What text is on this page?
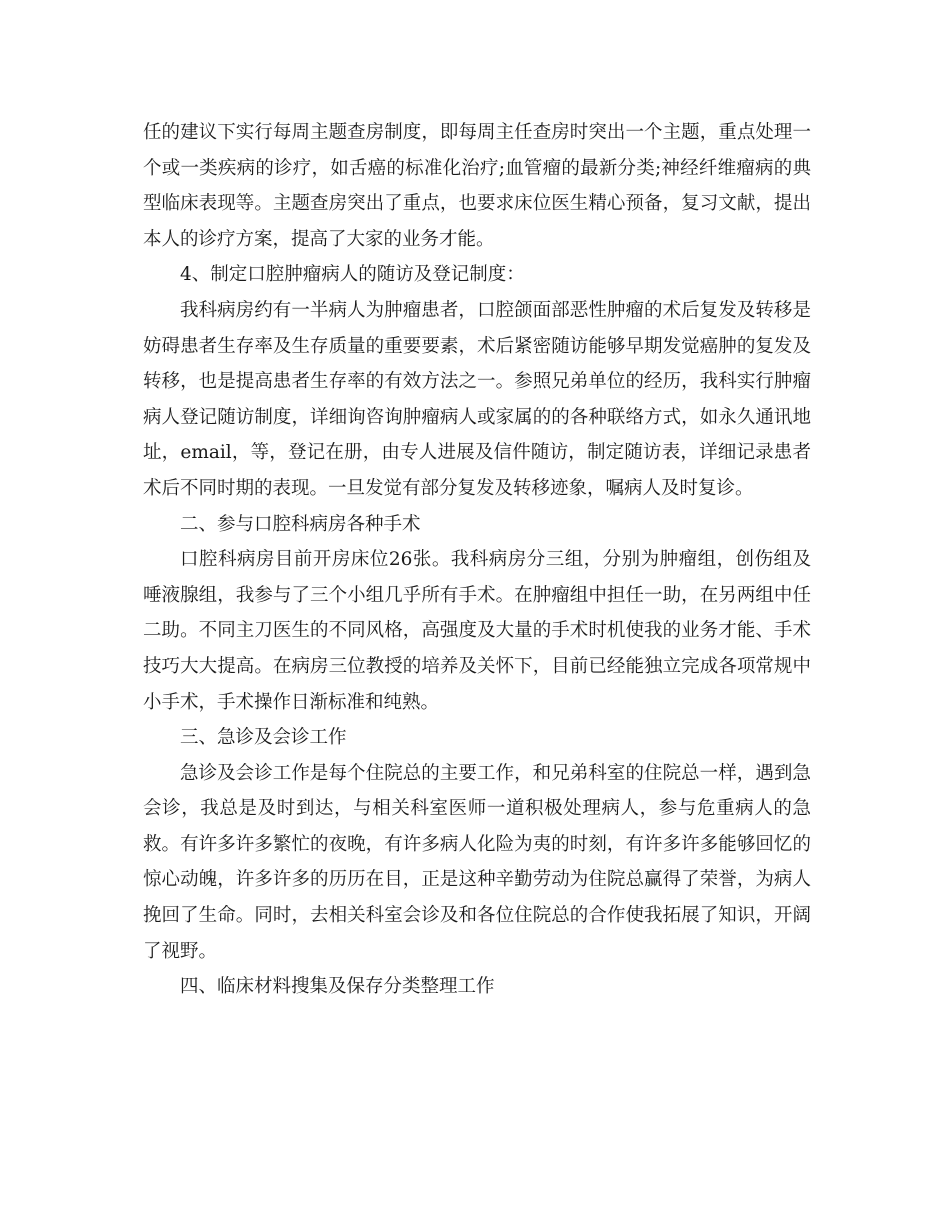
任的建议下实行每周主题查房制度，即每周主任查房时突出一个主题，重点处理一个或一类疾病的诊疗，如舌癌的标准化治疗;血管瘤的最新分类;神经纤维瘤病的典型临床表现等。主题查房突出了重点，也要求床位医生精心预备，复习文献，提出本人的诊疗方案，提高了大家的业务才能。

4、制定口腔肿瘤病人的随访及登记制度：

我科病房约有一半病人为肿瘤患者，口腔颌面部恶性肿瘤的术后复发及转移是妨碍患者生存率及生存质量的重要要素，术后紧密随访能够早期发觉癌肿的复发及转移，也是提高患者生存率的有效方法之一。参照兄弟单位的经历，我科实行肿瘤病人登记随访制度，详细询咨询肿瘤病人或家属的的各种联络方式，如永久通讯地址，email，等，登记在册，由专人进展及信件随访，制定随访表，详细记录患者术后不同时期的表现。一旦发觉有部分复发及转移迹象，嘱病人及时复诊。

二、参与口腔科病房各种手术

口腔科病房目前开房床位26张。我科病房分三组，分别为肿瘤组，创伤组及唾液腺组，我参与了三个小组几乎所有手术。在肿瘤组中担任一助，在另两组中任二助。不同主刀医生的不同风格，高强度及大量的手术时机使我的业务才能、手术技巧大大提高。在病房三位教授的培养及关怀下，目前已经能独立完成各项常规中小手术，手术操作日渐标准和纯熟。

三、急诊及会诊工作

急诊及会诊工作是每个住院总的主要工作，和兄弟科室的住院总一样，遇到急会诊，我总是及时到达，与相关科室医师一道积极处理病人，参与危重病人的急救。有许多许多繁忙的夜晚，有许多病人化险为夷的时刻，有许多许多能够回忆的惊心动魄，许多许多的历历在目，正是这种辛勤劳动为住院总赢得了荣誉，为病人挽回了生命。同时，去相关科室会诊及和各位住院总的合作使我拓展了知识，开阔了视野。

四、临床材料搜集及保存分类整理工作
